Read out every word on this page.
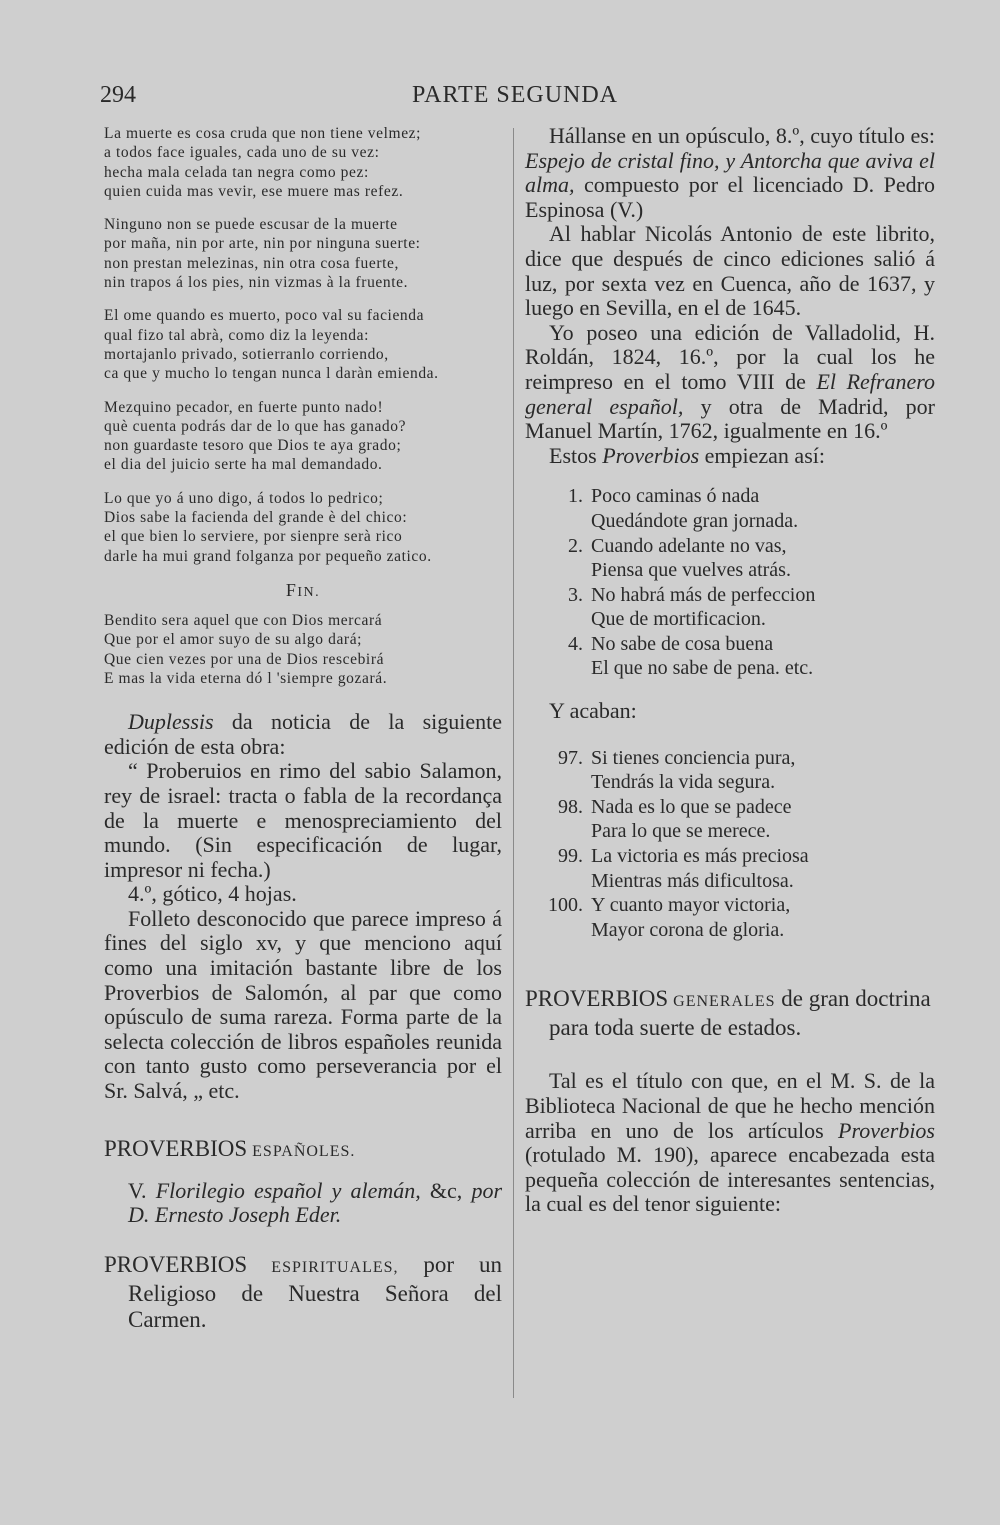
294	PARTE SEGUNDA
La muerte es cosa cruda que non tiene velmez;
a todos face iguales, cada uno de su vez:
hecha mala celada tan negra como pez:
quien cuida mas vevir, ese muere mas refez.
Ninguno non se puede escusar de la muerte
por maña, nin por arte, nin por ninguna suerte:
non prestan melezinas, nin otra cosa fuerte,
nin trapos á los pies, nin vizmas à la fruente.
El ome quando es muerto, poco val su facienda
qual fizo tal abrà, como diz la leyenda:
mortajanlo privado, sotierranlo corriendo,
ca que y mucho lo tengan nunca l daràn emienda.
Mezquino pecador, en fuerte punto nado!
què cuenta podrás dar de lo que has ganado?
non guardaste tesoro que Dios te aya grado;
el dia del juicio serte ha mal demandado.
Lo que yo á uno digo, á todos lo pedrico;
Dios sabe la facienda del grande è del chico:
el que bien lo serviere, por sienpre serà rico
darle ha mui grand folganza por pequeño zatico.
FIN.
Bendito sera aquel que con Dios mercará
Que por el amor suyo de su algo dará;
Que cien vezes por una de Dios rescebirá
E mas la vida eterna dó l 'siempre gozará.

Duplessis da noticia de la siguiente edición de esta obra:

“ Proberuios en rimo del sabio Salamon, rey de israel: tracta o fabla de la recordança de la muerte e menospreciamiento del mundo. (Sin especificación de lugar, impresor ni fecha.)

4.º, gótico, 4 hojas.

Folleto desconocido que parece impreso á fines del siglo xv, y que menciono aquí como una imitación bastante libre de los Proverbios de Salomón, al par que como opúsculo de suma rareza. Forma parte de la selecta colección de libros españoles reunida con tanto gusto como perseverancia por el Sr. Salvá, „ etc.

PROVERBIOS ESPAÑOLES.

V. Florilegio español y alemán, &c, por D. Ernesto Joseph Eder.

PROVERBIOS ESPIRITUALES, por un Religioso de Nuestra Señora del Carmen.

Hállanse en un opúsculo, 8.º, cuyo título es: Espejo de cristal fino, y Antorcha que aviva el alma, compuesto por el licenciado D. Pedro Espinosa (V.)

Al hablar Nicolás Antonio de este librito, dice que después de cinco ediciones salió á luz, por sexta vez en Cuenca, año de 1637, y luego en Sevilla, en el de 1645.

Yo poseo una edición de Valladolid, H. Roldán, 1824, 16.º, por la cual los he reimpreso en el tomo VIII de El Refranero general español, y otra de Madrid, por Manuel Martín, 1762, igualmente en 16.º

Estos Proverbios empiezan así:

1. Poco caminas ó nada
Quedándote gran jornada.
2. Cuando adelante no vas,
Piensa que vuelves atrás.
3. No habrá más de perfeccion
Que de mortificacion.
4. No sabe de cosa buena
El que no sabe de pena. etc.

Y acaban:

97. Si tienes conciencia pura,
Tendrás la vida segura.
98. Nada es lo que se padece
Para lo que se merece.
99. La victoria es más preciosa
Mientras más dificultosa.
100. Y cuanto mayor victoria,
Mayor corona de gloria.

PROVERBIOS GENERALES de gran doctrina para toda suerte de estados.

Tal es el título con que, en el M. S. de la Biblioteca Nacional de que he hecho mención arriba en uno de los artículos Proverbios (rotulado M. 190), aparece encabezada esta pequeña colección de interesantes sentencias, la cual es del tenor siguiente:
